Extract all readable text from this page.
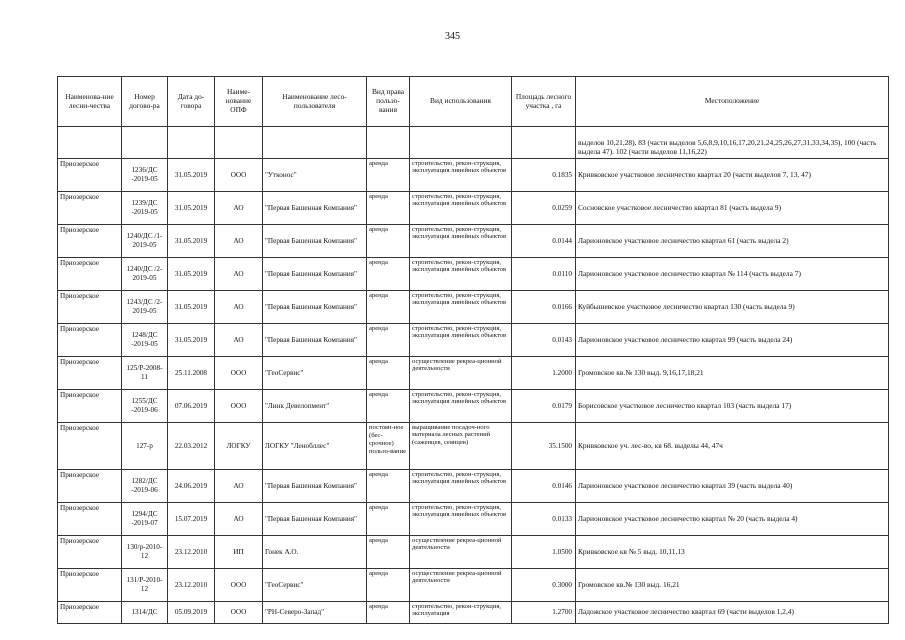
345
Наименова-ние лесни-чества	Номер догово-ра	Дата до-говора	Наиме-нование ОПФ	Наименование лесо-пользователя	Вид права пользо-вания	Вид использования	Площадь лесного участка , га	Местоположение
								выделов 10,21,28), 83 (части выделов 5,6,8,9,10,16,17,20,21,24,25,26,27,31,33,34,35), 100 (часть выдела 47). 102 (части выделов 11,16,22)
Приозерское	1236/ДС -2019-05	31.05.2019	ООО	"Утконос"	аренда	строительство, рекон-струкция, эксплуатация линейных объектов	0.1835	Кривковское участковое лесничество квартал 20 (части выделов 7, 13, 47)
Приозерское	1239/ДС -2019-05	31.05.2019	АО	"Первая Башенная Компания"	аренда	строительство, рекон-струкция, эксплуатация линейных объектов	0.0259	Сосновское участковое лесничество квартал 81 (часть выдела 9)
Приозерское	1240/ДС /1-2019-05	31.05.2019	АО	"Первая Башенная Компания"	аренда	строительство, рекон-струкция, эксплуатация линейных объектов	0.0144	Ларионовское участковое лесничество квартал 61 (часть выдела 2)
Приозерское	1240/ДС /2-2019-05	31.05.2019	АО	"Первая Башенная Компания"	аренда	строительство, рекон-струкция, эксплуатация линейных объектов	0.0110	Ларионовское участковое лесничество квартал № 114 (часть выдела 7)
Приозерское	1243/ДС /2-2019-05	31.05.2019	АО	"Первая Башенная Компания"	аренда	строительство, рекон-струкция, эксплуатация линейных объектов	0.0166	Куйбышевское участковое лесничество квартал 130 (часть выдела 9)
Приозерское	1248/ДС -2019-05	31.05.2019	АО	"Первая Башенная Компания"	аренда	строительство, рекон-струкция, эксплуатация линейных объектов	0.0143	Ларионовское участковое лесничество квартал 99 (часть выдела 24)
Приозерское	125/Р-2008-11	25.11.2008	ООО	"ГеоСервис"	аренда	осуществление рекреа-ционной деятельности	1.2000	Громовское кв.№ 130 выд. 9,16,17,18,21
Приозерское	1255/ДС -2019-06	07.06.2019	ООО	"Линк Девелопмент"	аренда	строительство, рекон-струкция, эксплуатация линейных объектов	0.0179	Борисовское участковое лесничество квартал 103 (часть выдела 17)
Приозерское	127-р	22.03.2012	ЛОГКУ	ЛОГКУ "Ленобллес"	постоян-ное (бес-срочное) пользо-вание	выращивание посадоч-ного материала лесных растений (саженцев, сеянцев)	35.1500	Кривковское уч. лес-во, кв 68. выделы 44, 47ч
Приозерское	1282/ДС -2019-06	24.06.2019	АО	"Первая Башенная Компания"	аренда	строительство, рекон-струкция, эксплуатация линейных объектов	0.0146	Ларионовское участковое лесничество квартал 39 (часть выдела 40)
Приозерское	1294/ДС -2019-07	15.07.2019	АО	"Первая Башенная Компания"	аренда	строительство, рекон-струкция, эксплуатация линейных объектов	0.0133	Ларионовское участковое лесничество квартал № 20 (часть выдела 4)
Приозерское	130/р-2010-12	23.12.2010	ИП	Гонек А.О.	аренда	осуществление рекреа-ционной деятельности	1.0500	Кривковское кв № 5 выд. 10,11,13
Приозерское	131/Р-2010-12	23.12.2010	ООО	"ГеоСервис"	аренда	осуществление рекреа-ционной деятельности	0.3000	Громовское кв.№ 130 выд. 16,21
Приозерское	1314/ДС	05.09.2019	ООО	"РН-Северо-Запад"	аренда	строительство, рекон-струкция, эксплуатация	1.2700	Ладожское участковое лесничество квартал 69 (части выделов 1,2,4)
